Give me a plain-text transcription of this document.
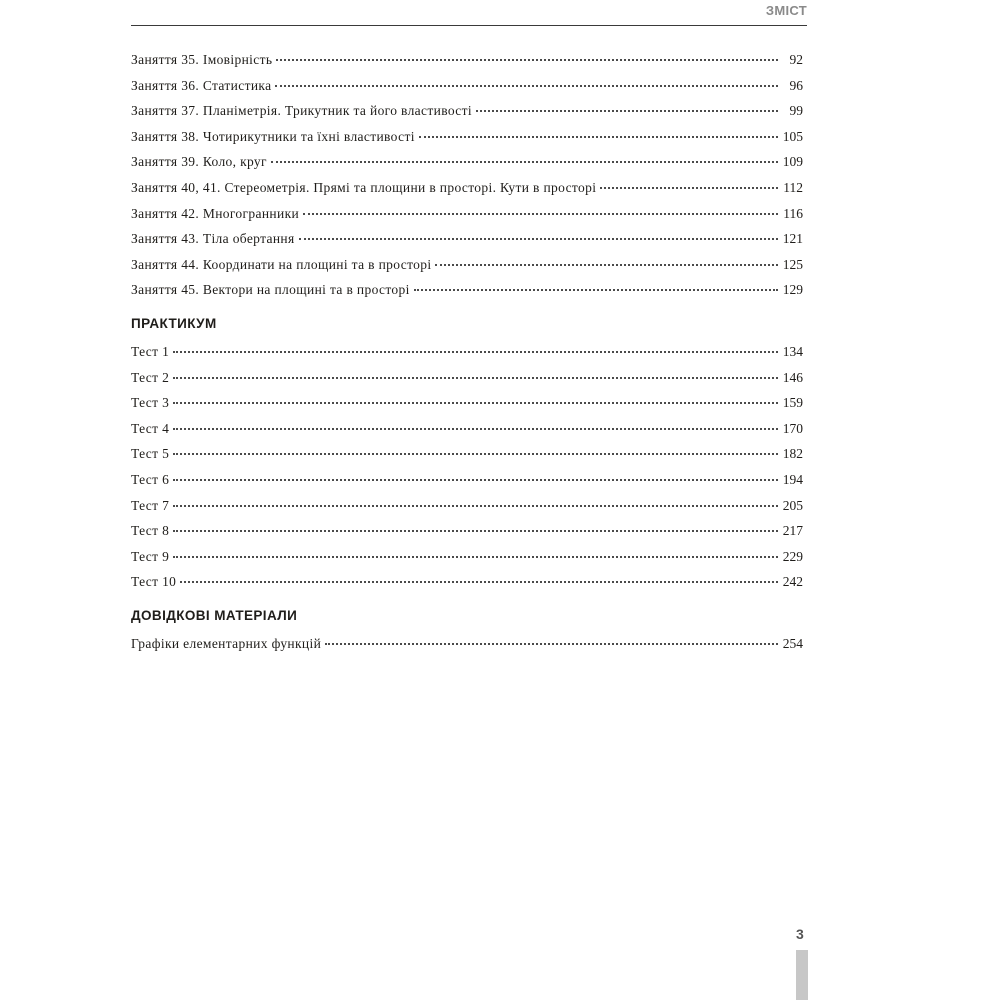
ЗМІСТ
Заняття 35. Імовірність	92
Заняття 36. Статистика	96
Заняття 37. Планіметрія. Трикутник та його властивості	99
Заняття 38. Чотирикутники та їхні властивості	105
Заняття 39. Коло, круг	109
Заняття 40, 41. Стереометрія. Прямі та площини в просторі. Кути в просторі	112
Заняття 42. Многогранники	116
Заняття 43. Тіла обертання	121
Заняття 44. Координати на площині та в просторі	125
Заняття 45. Вектори на площині та в просторі	129
ПРАКТИКУМ
Тест 1	134
Тест 2	146
Тест 3	159
Тест 4	170
Тест 5	182
Тест 6	194
Тест 7	205
Тест 8	217
Тест 9	229
Тест 10	242
ДОВІДКОВІ МАТЕРІАЛИ
Графіки елементарних функцій	254
3
